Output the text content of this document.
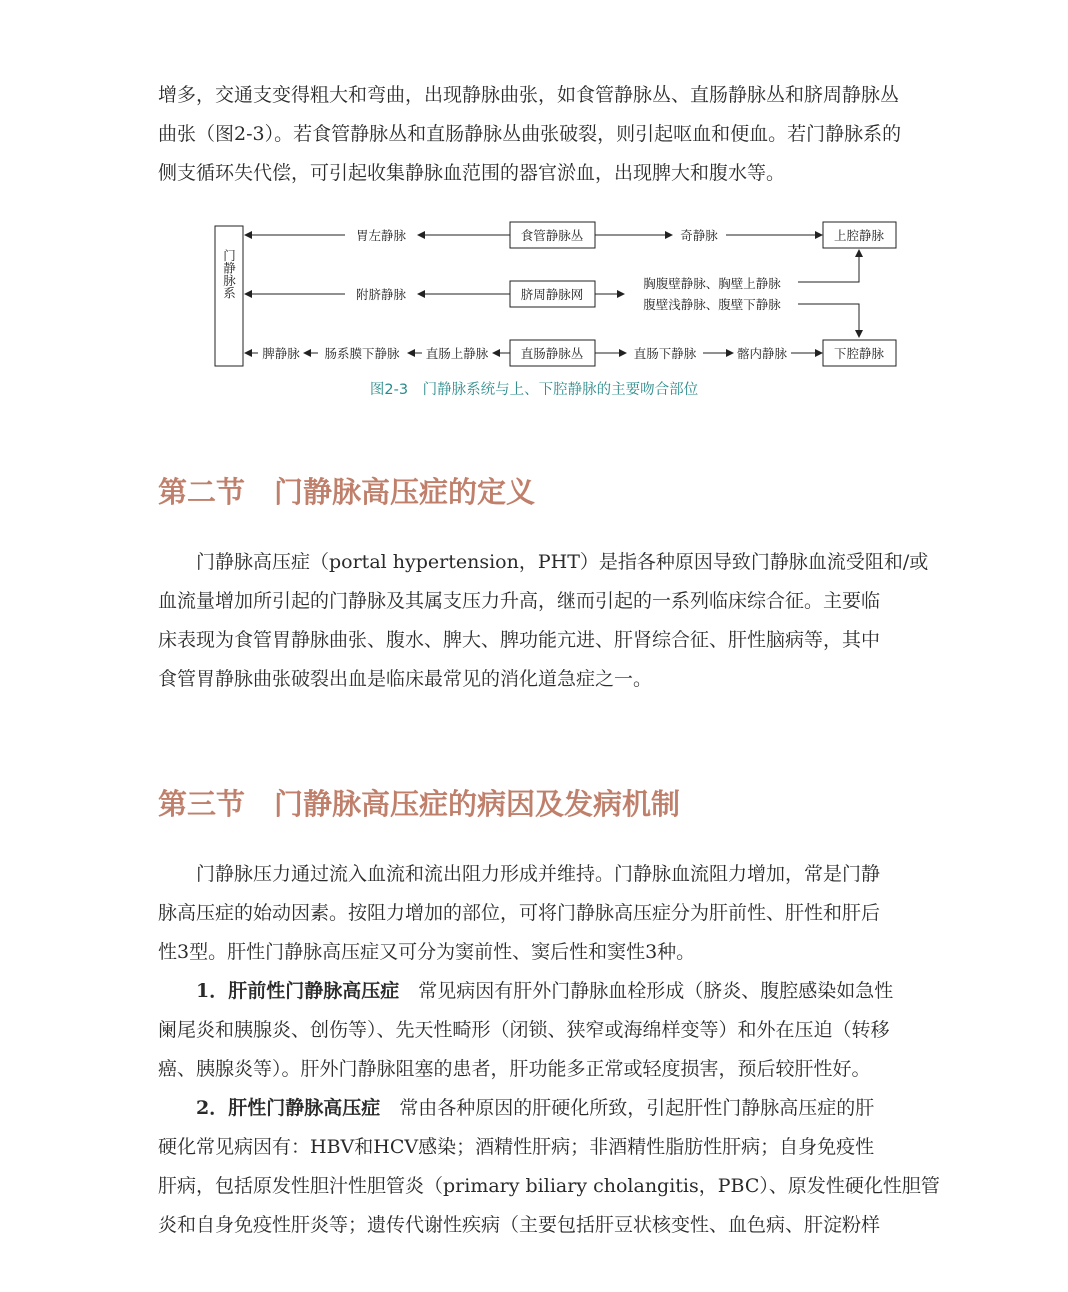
增多，交通支变得粗大和弯曲，出现静脉曲张，如食管静脉丛、直肠静脉丛和脐周静脉丛
曲张（图2-3）。若食管静脉丛和直肠静脉丛曲张破裂，则引起呕血和便血。若门静脉系的
侧支循环失代偿，可引起收集静脉血范围的器官淤血，出现脾大和腹水等。
门静脉系
食管静脉丛
胃左静脉	奇静脉	上腔静脉
脐周静脉网
附脐静脉
胸腹壁静脉、胸壁上静脉
腹壁浅静脉、腹壁下静脉
直肠静脉丛
直肠上静脉
肠系膜下静脉
脾静脉	直肠下静脉	髂内静脉	下腔静脉
图2-3　门静脉系统与上、下腔静脉的主要吻合部位
第二节　门静脉高压症的定义
　　门静脉高压症（portal hypertension，PHT）是指各种原因导致门静脉血流受阻和/或
血流量增加所引起的门静脉及其属支压力升高，继而引起的一系列临床综合征。主要临
床表现为食管胃静脉曲张、腹水、脾大、脾功能亢进、肝肾综合征、肝性脑病等，其中
食管胃静脉曲张破裂出血是临床最常见的消化道急症之一。
第三节　门静脉高压症的病因及发病机制
　　门静脉压力通过流入血流和流出阻力形成并维持。门静脉血流阻力增加，常是门静
脉高压症的始动因素。按阻力增加的部位，可将门静脉高压症分为肝前性、肝性和肝后
性3型。肝性门静脉高压症又可分为窦前性、窦后性和窦性3种。
　　1．肝前性门静脉高压症　常见病因有肝外门静脉血栓形成（脐炎、腹腔感染如急性
阑尾炎和胰腺炎、创伤等）、先天性畸形（闭锁、狭窄或海绵样变等）和外在压迫（转移
癌、胰腺炎等）。肝外门静脉阻塞的患者，肝功能多正常或轻度损害，预后较肝性好。
　　2．肝性门静脉高压症　常由各种原因的肝硬化所致，引起肝性门静脉高压症的肝
硬化常见病因有：HBV和HCV感染；酒精性肝病；非酒精性脂肪性肝病；自身免疫性
肝病，包括原发性胆汁性胆管炎（primary biliary cholangitis，PBC）、原发性硬化性胆管
炎和自身免疫性肝炎等；遗传代谢性疾病（主要包括肝豆状核变性、血色病、肝淀粉样
